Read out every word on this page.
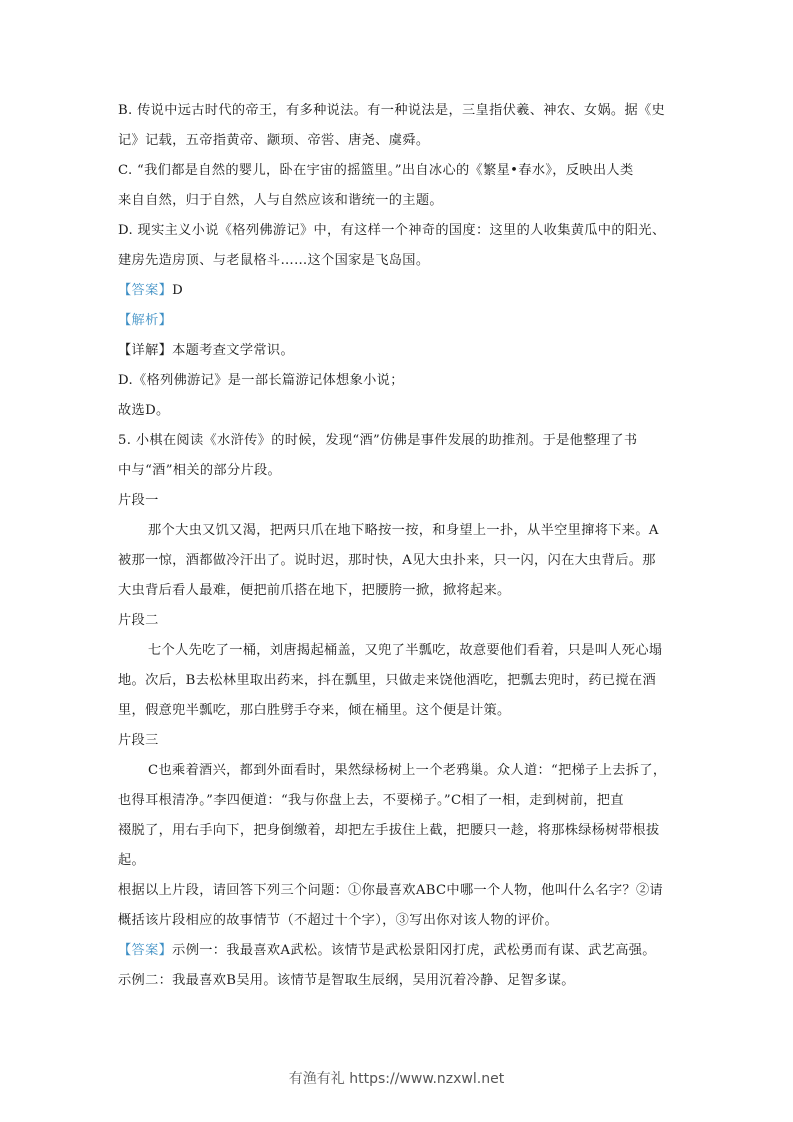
B. 传说中远古时代的帝王，有多种说法。有一种说法是，三皇指伏羲、神农、女娲。据《史
记》记载，五帝指黄帝、颛顼、帝喾、唐尧、虞舜。
C. “我们都是自然的婴儿，卧在宇宙的摇篮里。”出自冰心的《繁星•春水》，反映出人类
来自自然，归于自然，人与自然应该和谐统一的主题。
D. 现实主义小说《格列佛游记》中，有这样一个神奇的国度：这里的人收集黄瓜中的阳光、
建房先造房顶、与老鼠格斗……这个国家是飞岛国。
【答案】D
【解析】
【详解】本题考查文学常识。
D.《格列佛游记》是一部长篇游记体想象小说；
故选D。
5. 小棋在阅读《水浒传》的时候，发现“酒”仿佛是事件发展的助推剂。于是他整理了书
中与“酒”相关的部分片段。
片段一
那个大虫又饥又渴，把两只爪在地下略按一按，和身望上一扑，从半空里撺将下来。A
被那一惊，酒都做冷汗出了。说时迟，那时快，A见大虫扑来，只一闪，闪在大虫背后。那
大虫背后看人最难，便把前爪搭在地下，把腰胯一掀，掀将起来。
片段二
七个人先吃了一桶，刘唐揭起桶盖，又兜了半瓢吃，故意要他们看着，只是叫人死心塌
地。次后，B去松林里取出药来，抖在瓢里，只做走来饶他酒吃，把瓢去兜时，药已搅在酒
里，假意兜半瓢吃，那白胜劈手夺来，倾在桶里。这个便是计策。
片段三
C也乘着酒兴，都到外面看时，果然绿杨树上一个老鸦巢。众人道：“把梯子上去拆了，
也得耳根清净。”李四便道：“我与你盘上去，不要梯子。”C相了一相，走到树前，把直
裰脱了，用右手向下，把身倒缴着，却把左手拔住上截，把腰只一趁，将那株绿杨树带根拔
起。
根据以上片段，请回答下列三个问题：①你最喜欢ABC中哪一个人物，他叫什么名字？②请
概括该片段相应的故事情节（不超过十个字），③写出你对该人物的评价。
【答案】示例一：我最喜欢A武松。该情节是武松景阳冈打虎，武松勇而有谋、武艺高强。
示例二：我最喜欢B吴用。该情节是智取生辰纲，吴用沉着冷静、足智多谋。
有渔有礼 https://www.nzxwl.net
